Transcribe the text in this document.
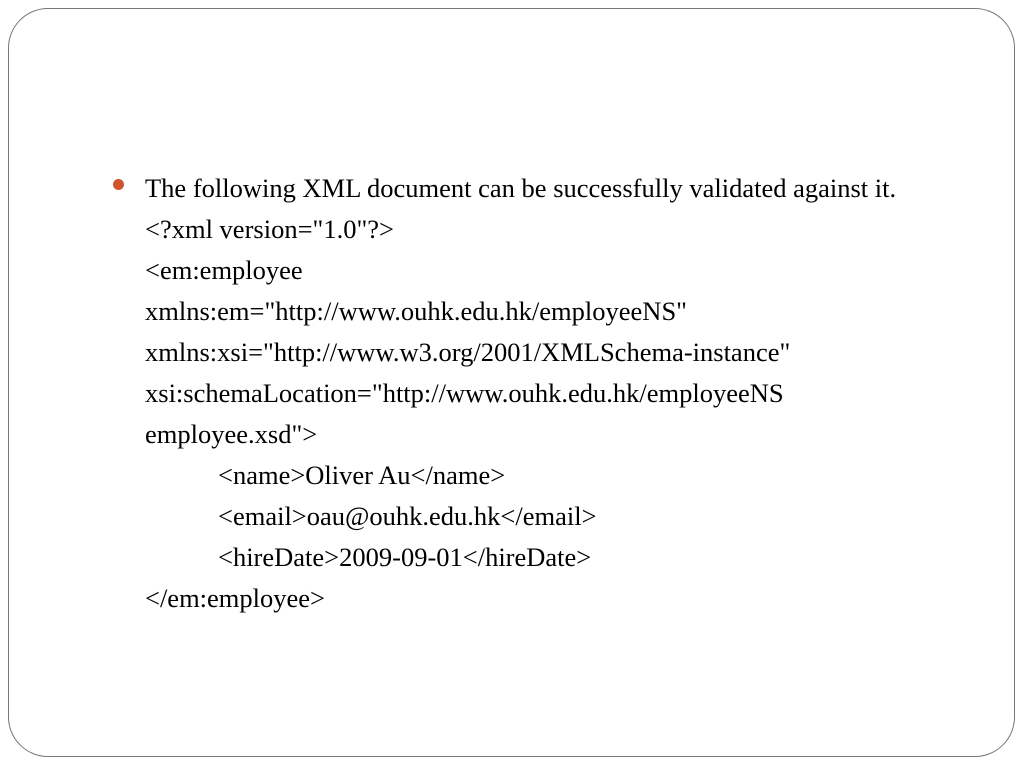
The following XML document can be successfully validated against it.
<?xml version="1.0"?>
<em:employee
xmlns:em="http://www.ouhk.edu.hk/employeeNS"
xmlns:xsi="http://www.w3.org/2001/XMLSchema-instance"
xsi:schemaLocation="http://www.ouhk.edu.hk/employeeNS
employee.xsd">
<name>Oliver Au</name>
<email>oau@ouhk.edu.hk</email>
<hireDate>2009-09-01</hireDate>
</em:employee>
